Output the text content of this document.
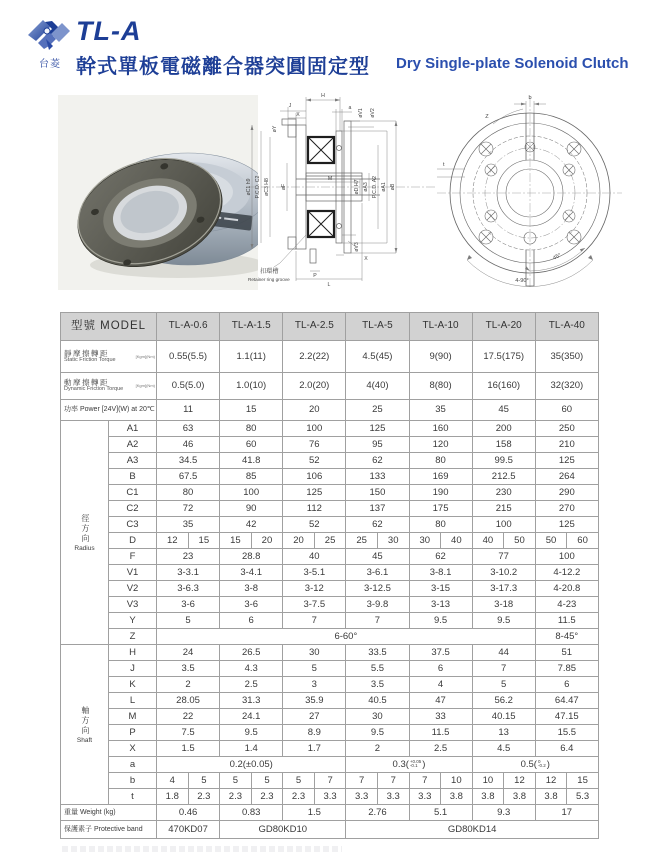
台菱
TL-A
幹式單板電磁離合器突圓固定型 Dry Single-plate Solenoid Clutch
H
J
X
øY
a
øV1 øV2
øC1 h9 P.C.D. C2 øC3 H8 øF
M
øD H7 øA3 P.C.D. A2 øA1 øB
øV3
X
P
L
扣環槽
Retainer ring groove
b
Z
t
45°
4-90°
型號 MODEL		TL-A-0.6		TL-A-1.5		TL-A-2.5		TL-A-5		TL-A-10		TL-A-20		TL-A-40	

靜摩擦轉距
Static Friction Torque
[Kgm](Nm)		0.55(5.5)		1.1(11)		2.2(22)		4.5(45)		9(90)		17.5(175)		35(350)	

動摩擦轉距
Dynamic Friction Torque
[Kgm](Nm)		0.5(5.0)		1.0(10)		2.0(20)		4(40)		8(80)		16(160)		32(320)	
功率 Power [24V](W) at 20℃		11		15		20		25		35		45		60	

徑方向
Radius	A1	63		80		100		125		160		200		250	
	A2	46		60		76		95		120		158		210	
	A3	34.5		41.8		52		62		80		99.5		125	
	B	67.5		85		106		133		169		212.5		264	
	C1	80		100		125		150		190		230		290	
	C2	72		90		112		137		175		215		270	
	C3	35		42		52		62		80		100		125	
	D	12	15	15	20	20	25	25	30	30	40	40	50	50	60
	F	23		28.8		40		45		62		77		100	
	V1	3-3.1		3-4.1		3-5.1		3-6.1		3-8.1		3-10.2		4-12.2	
	V2	3-6.3		3-8		3-12		3-12.5		3-15		3-17.3		4-20.8	
	V3	3-6		3-6		3-7.5		3-9.8		3-13		3-18		4-23	
	Y	5		6		7		7		9.5		9.5		11.5	
	Z	6-60°												8-45°	

軸方向
Shaft	H	24		26.5		30		33.5		37.5		44		51	
	J	3.5		4.3		5		5.5		6		7		7.85	
	K	2		2.5		3		3.5		4		5		6	
	L	28.05		31.3		35.9		40.5		47		56.2		64.47	
	M	22		24.1		27		30		33		40.15		47.15	
	P	7.5		9.5		8.9		9.5		11.5		13		15.5	
	X	1.5		1.4		1.7		2		2.5		4.5		6.4	
	a	0.2(±0.05)						0.3( +0.05
-0.1 )				0.5( 0
-0.2 )			
	b	4	5	5	5	5	7	7	7	7	10	10	12	12	15
	t	1.8	2.3	2.3	2.3	2.3	3.3	3.3	3.3	3.3	3.8	3.8	3.8	3.8	5.3
重量 Weight (kg)		0.46		0.83		1.5		2.76		5.1		9.3		17	
保護素子 Protective band		470KD07		GD80KD10				GD80KD14							
